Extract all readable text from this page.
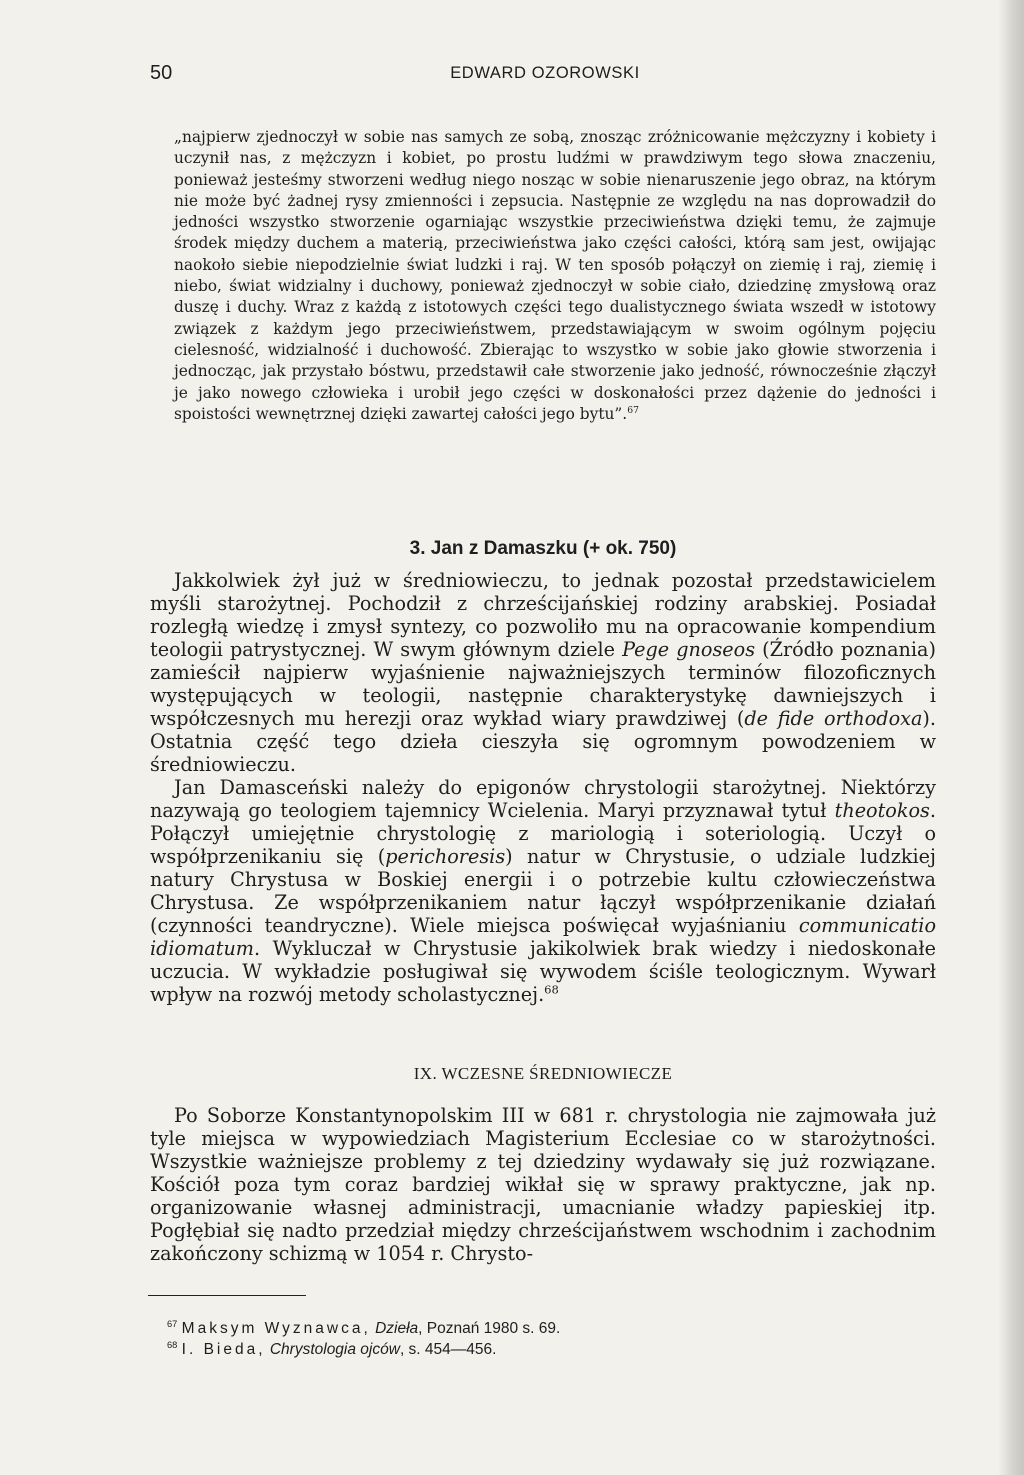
50	EDWARD OZOROWSKI

„najpierw zjednoczył w sobie nas samych ze sobą, znosząc zróżnicowanie mężczyzny i kobiety i uczynił nas, z mężczyzn i kobiet, po prostu ludźmi w prawdziwym tego słowa znaczeniu, ponieważ jesteśmy stworzeni według niego nosząc w sobie nienaruszenie jego obraz, na którym nie może być żadnej rysy zmienności i zepsucia. Następnie ze względu na nas doprowadził do jedności wszystko stworzenie ogarniając wszystkie przeciwieństwa dzięki temu, że zajmuje środek między duchem a materią, przeciwieństwa jako części całości, którą sam jest, owijając naokoło siebie niepodzielnie świat ludzki i raj. W ten sposób połączył on ziemię i raj, ziemię i niebo, świat widzialny i duchowy, ponieważ zjednoczył w sobie ciało, dziedzinę zmysłową oraz duszę i duchy. Wraz z każdą z istotowych części tego dualistycznego świata wszedł w istotowy związek z każdym jego przeciwieństwem, przedstawiającym w swoim ogólnym pojęciu cielesność, widzialność i duchowość. Zbierając to wszystko w sobie jako głowie stworzenia i jednocząc, jak przystało bóstwu, przedstawił całe stworzenie jako jedność, równocześnie złączył je jako nowego człowieka i urobił jego części w doskonałości przez dążenie do jedności i spoistości wewnętrznej dzięki zawartej całości jego bytu”.$^{67}$

3. Jan z Damaszku (+ ok. 750)

Jakkolwiek żył już w średniowieczu, to jednak pozostał przedstawicielem myśli starożytnej. Pochodził z chrześcijańskiej rodziny arabskiej. Posiadał rozległą wiedzę i zmysł syntezy, co pozwoliło mu na opracowanie kompendium teologii patrystycznej. W swym głównym dziele Pege gnoseos (Źródło poznania) zamieścił najpierw wyjaśnienie najważniejszych terminów filozoficznych występujących w teologii, następnie charakterystykę dawniejszych i współczesnych mu herezji oraz wykład wiary prawdziwej (de fide orthodoxa). Ostatnia część tego dzieła cieszyła się ogromnym powodzeniem w średniowieczu.

Jan Damasceński należy do epigonów chrystologii starożytnej. Niektórzy nazywają go teologiem tajemnicy Wcielenia. Maryi przyznawał tytuł theotokos. Połączył umiejętnie chrystologię z mariologią i soteriologią. Uczył o współprzenikaniu się (perichoresis) natur w Chrystusie, o udziale ludzkiej natury Chrystusa w Boskiej energii i o potrzebie kultu człowieczeństwa Chrystusa. Ze współprzenikaniem natur łączył współprzenikanie działań (czynności teandryczne). Wiele miejsca poświęcał wyjaśnianiu communicatio idiomatum. Wykluczał w Chrystusie jakikolwiek brak wiedzy i niedoskonałe uczucia. W wykładzie posługiwał się wywodem ściśle teologicznym. Wywarł wpływ na rozwój metody scholastycznej.$^{68}$

IX. WCZESNE ŚREDNIOWIECZE

Po Soborze Konstantynopolskim III w 681 r. chrystologia nie zajmowała już tyle miejsca w wypowiedziach Magisterium Ecclesiae co w starożytności. Wszystkie ważniejsze problemy z tej dziedziny wydawały się już rozwiązane. Kościół poza tym coraz bardziej wikłał się w sprawy praktyczne, jak np. organizowanie własnej administracji, umacnianie władzy papieskiej itp. Pogłębiał się nadto przedział między chrześcijaństwem wschodnim i zachodnim zakończony schizmą w 1054 r. Chrysto-

$^{67}$ Maksym Wyznawca, Dzieła, Poznań 1980 s. 69.
$^{68}$ I. Bieda, Chrystologia ojców, s. 454—456.
